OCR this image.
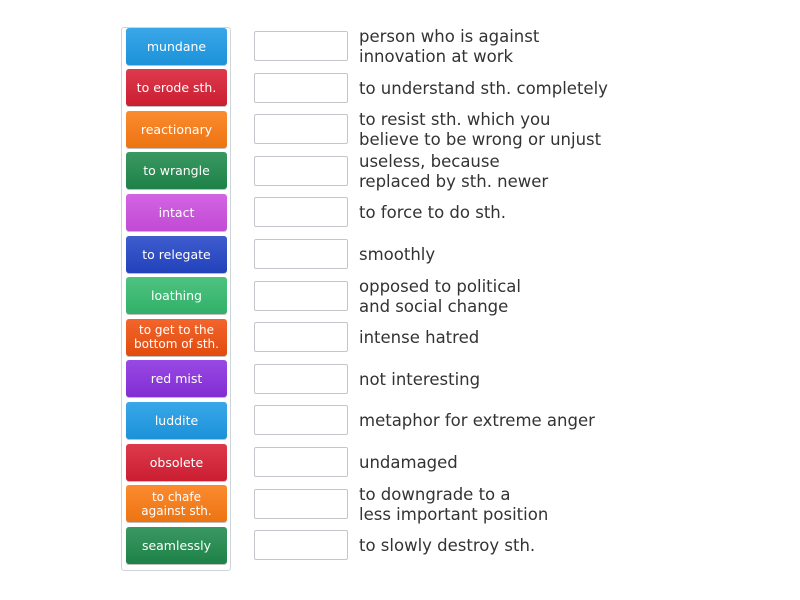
mundane
to erode sth.
reactionary
to wrangle
intact
to relegate
loathing
to get to the
bottom of sth.
red mist
luddite
obsolete
to chafe
against sth.
seamlessly
person who is against
innovation at work
to understand sth. completely
to resist sth. which you
believe to be wrong or unjust
useless, because
replaced by sth. newer
to force to do sth.
smoothly
opposed to political
and social change
intense hatred
not interesting
metaphor for extreme anger
undamaged
to downgrade to a
less important position
to slowly destroy sth.
